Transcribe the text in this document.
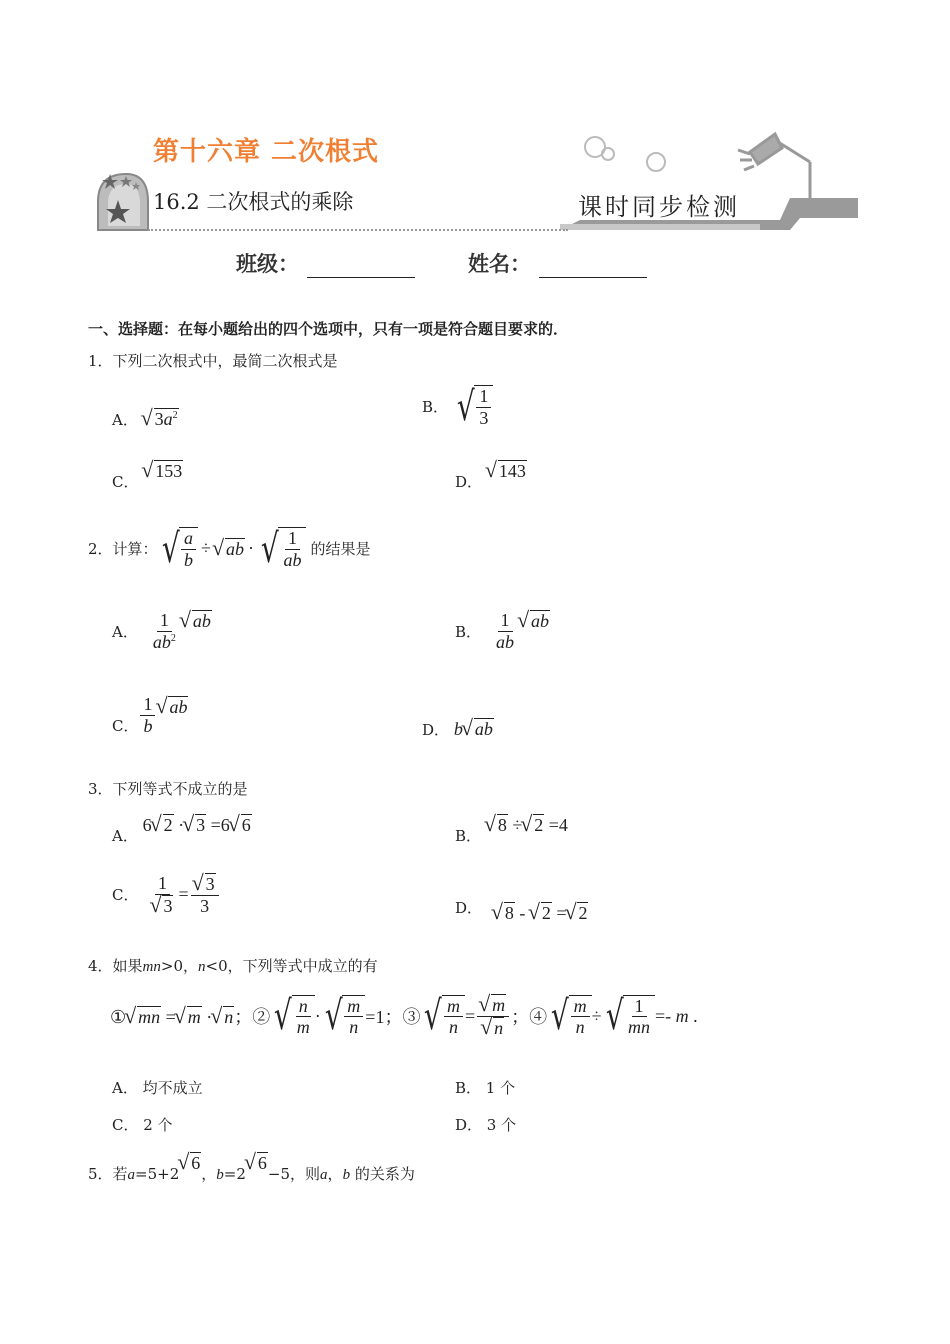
第十六章 二次根式
16.2 二次根式的乘除	课时同步检测
班级：	姓名：
一、选择题：在每小题给出的四个选项中，只有一项是符合题目要求的．
1．下列二次根式中，最简二次根式是
A． √ $3a^2$	B． √ $\frac{1}{3}$
C． √ 153
D． √ 143
2．计算： √ $\frac{a}{b}$ ÷ √ ab · √ $\frac{1}{ab}$ 的结果是
A． $\frac{1}{ab^2}$ √ ab
B． $\frac{1}{ab}$ √ ab
C． $\frac{1}{b}$ √ ab
D． b √ ab
3．下列等式不成立的是
A． 6 √ 2 · √ 3 =6 √ 6
B． √ 8 ÷ √ 2 =4
C． 1
√ 3 = √ $\frac{3}{3}$	D． √ 8 - √ 2 = √ 2
4．如果mn>0，n<0，下列等式中成立的有
① √ mn = √ m · √ n；② √ $\frac{n}{m}$ · √ $\frac{m}{n} =1$；③ √ $\frac{m}{n}$ = √ m
√ n ；④ √ $\frac{m}{n}$ ÷ √ $\frac{1}{mn} =- m$ .
A． 均不成立	B． 1 个
C． 2 个	D． 3 个
5．若a=5+2√ 6，b=2√ 6−5，则a，b 的关系为
